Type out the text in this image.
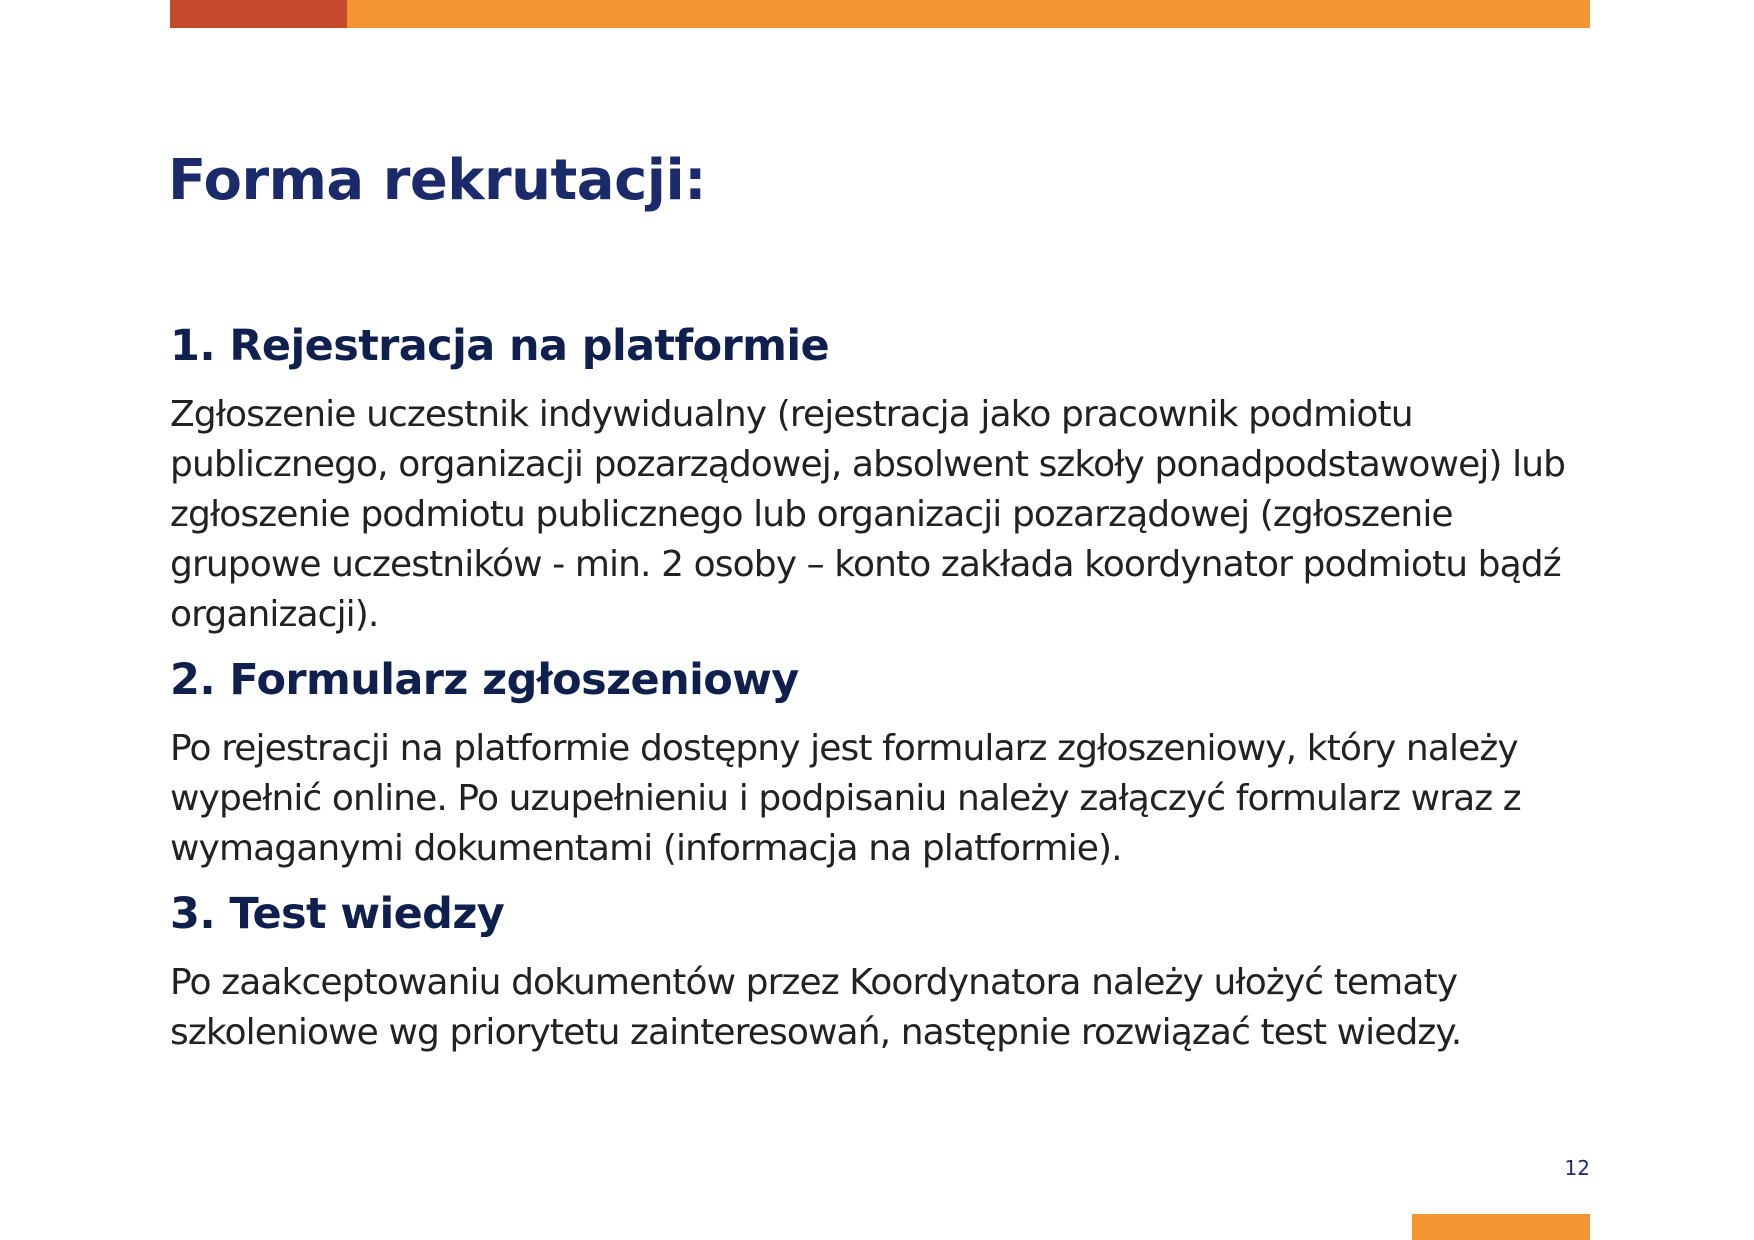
Forma rekrutacji:
1. Rejestracja na platformie

Zgłoszenie uczestnik indywidualny (rejestracja jako pracownik podmiotu publicznego, organizacji pozarządowej, absolwent szkoły ponadpodstawowej) lub zgłoszenie podmiotu publicznego lub organizacji pozarządowej (zgłoszenie grupowe uczestników - min. 2 osoby – konto zakłada koordynator podmiotu bądź organizacji).

2. Formularz zgłoszeniowy

Po rejestracji na platformie dostępny jest formularz zgłoszeniowy, który należy wypełnić online. Po uzupełnieniu i podpisaniu należy załączyć formularz wraz z wymaganymi dokumentami (informacja na platformie).

3. Test wiedzy

Po zaakceptowaniu dokumentów przez Koordynatora należy ułożyć tematy szkoleniowe wg priorytetu zainteresowań, następnie rozwiązać test wiedzy.

12
